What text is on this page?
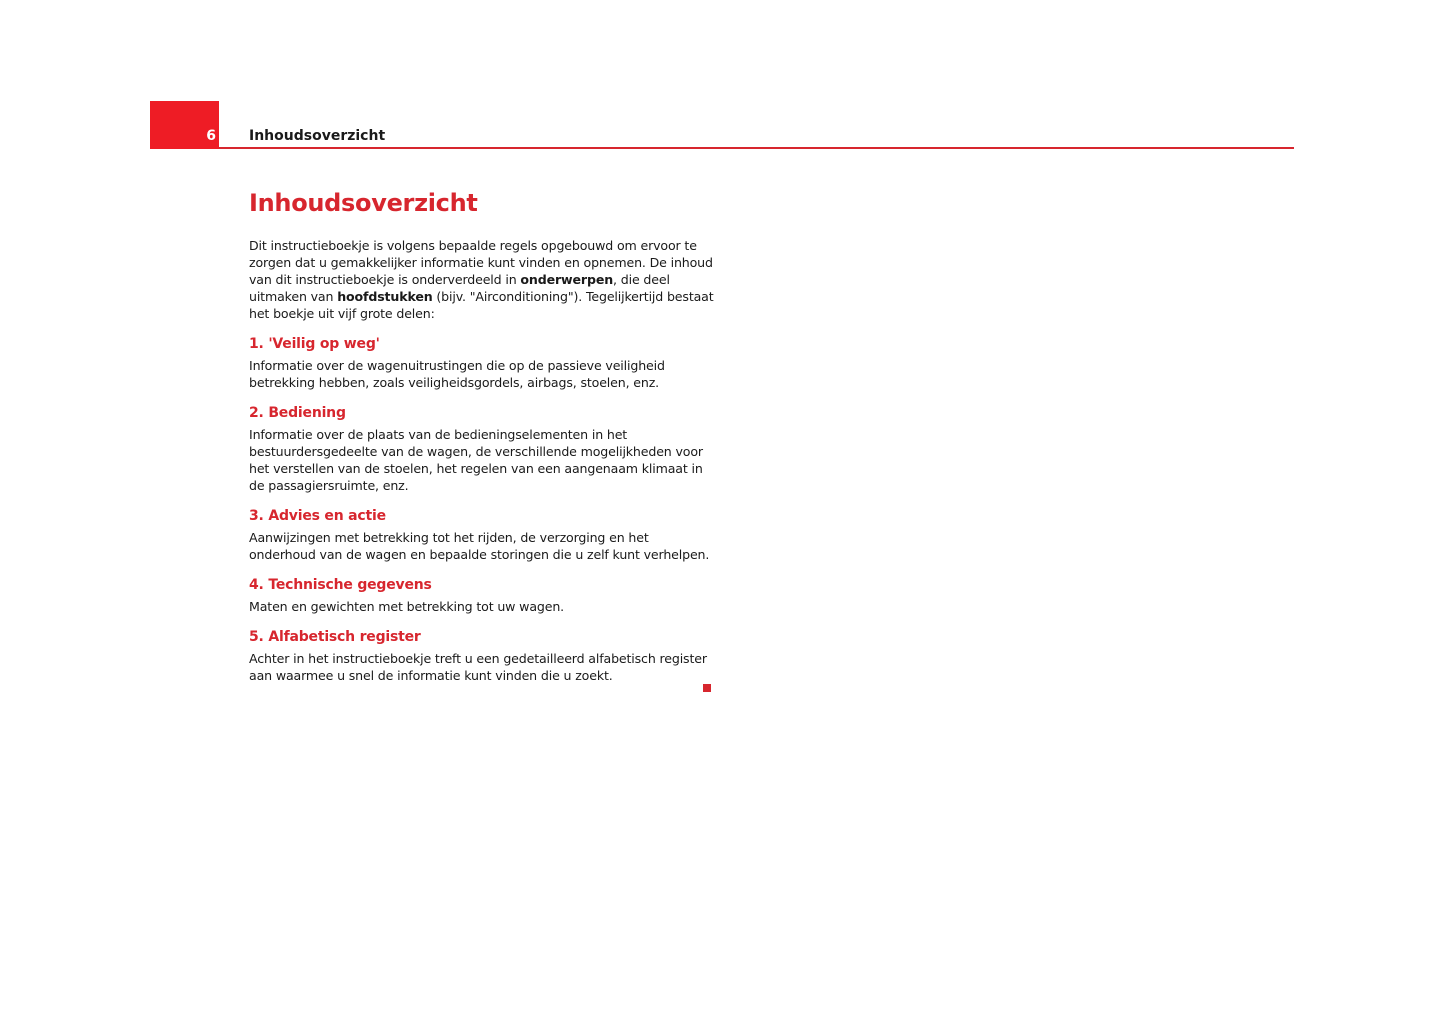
6 Inhoudsoverzicht
Inhoudsoverzicht

Dit instructieboekje is volgens bepaalde regels opgebouwd om ervoor te zorgen dat u gemakkelijker informatie kunt vinden en opnemen. De inhoud van dit instructieboekje is onderverdeeld in onderwerpen, die deel uitmaken van hoofdstukken (bijv. "Airconditioning"). Tegelijkertijd bestaat het boekje uit vijf grote delen:

1. 'Veilig op weg'

Informatie over de wagenuitrustingen die op de passieve veiligheid betrekking hebben, zoals veiligheidsgordels, airbags, stoelen, enz.

2. Bediening

Informatie over de plaats van de bedieningselementen in het bestuurdersgedeelte van de wagen, de verschillende mogelijkheden voor het verstellen van de stoelen, het regelen van een aangenaam klimaat in de passagiersruimte, enz.

3. Advies en actie

Aanwijzingen met betrekking tot het rijden, de verzorging en het onderhoud van de wagen en bepaalde storingen die u zelf kunt verhelpen.

4. Technische gegevens

Maten en gewichten met betrekking tot uw wagen.

5. Alfabetisch register

Achter in het instructieboekje treft u een gedetailleerd alfabetisch register aan waarmee u snel de informatie kunt vinden die u zoekt.
